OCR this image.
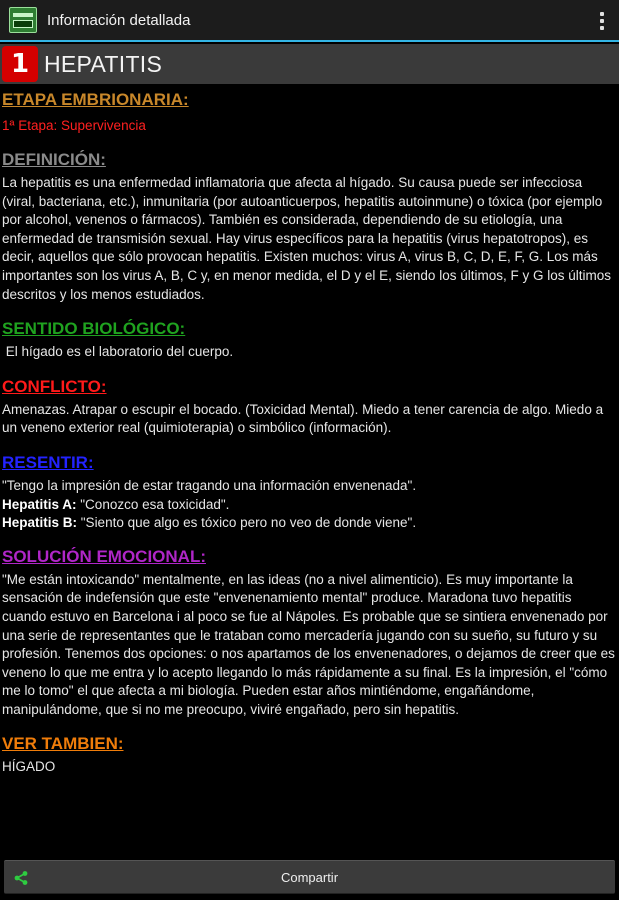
Información detallada
1 HEPATITIS
ETAPA EMBRIONARIA:
1ª Etapa: Supervivencia
DEFINICIÓN:
La hepatitis es una enfermedad inflamatoria que afecta al hígado. Su causa puede ser infecciosa (viral, bacteriana, etc.), inmunitaria (por autoanticuerpos, hepatitis autoinmune) o tóxica (por ejemplo por alcohol, venenos o fármacos). También es considerada, dependiendo de su etiología, una enfermedad de transmisión sexual. Hay virus específicos para la hepatitis (virus hepatotropos), es decir, aquellos que sólo provocan hepatitis. Existen muchos: virus A, virus B, C, D, E, F, G. Los más importantes son los virus A, B, C y, en menor medida, el D y el E, siendo los últimos, F y G los últimos descritos y los menos estudiados.
SENTIDO BIOLÓGICO:
El hígado es el laboratorio del cuerpo.
CONFLICTO:
Amenazas. Atrapar o escupir el bocado. (Toxicidad Mental). Miedo a tener carencia de algo. Miedo a un veneno exterior real (quimioterapia) o simbólico (información).
RESENTIR:
"Tengo la impresión de estar tragando una información envenenada".
Hepatitis A: "Conozco esa toxicidad".
Hepatitis B: "Siento que algo es tóxico pero no veo de donde viene".
SOLUCIÓN EMOCIONAL:
"Me están intoxicando" mentalmente, en las ideas (no a nivel alimenticio). Es muy importante la sensación de indefensión que este "envenenamiento mental" produce. Maradona tuvo hepatitis cuando estuvo en Barcelona i al poco se fue al Nápoles. Es probable que se sintiera envenenado por una serie de representantes que le trataban como mercadería jugando con su sueño, su futuro y su profesión. Tenemos dos opciones: o nos apartamos de los envenenadores, o dejamos de creer que es veneno lo que me entra y lo acepto llegando lo más rápidamente a su final. Es la impresión, el "cómo me lo tomo" el que afecta a mi biología. Pueden estar años mintiéndome, engañándome, manipulándome, que si no me preocupo, viviré engañado, pero sin hepatitis.
VER TAMBIEN:
HÍGADO
Compartir
